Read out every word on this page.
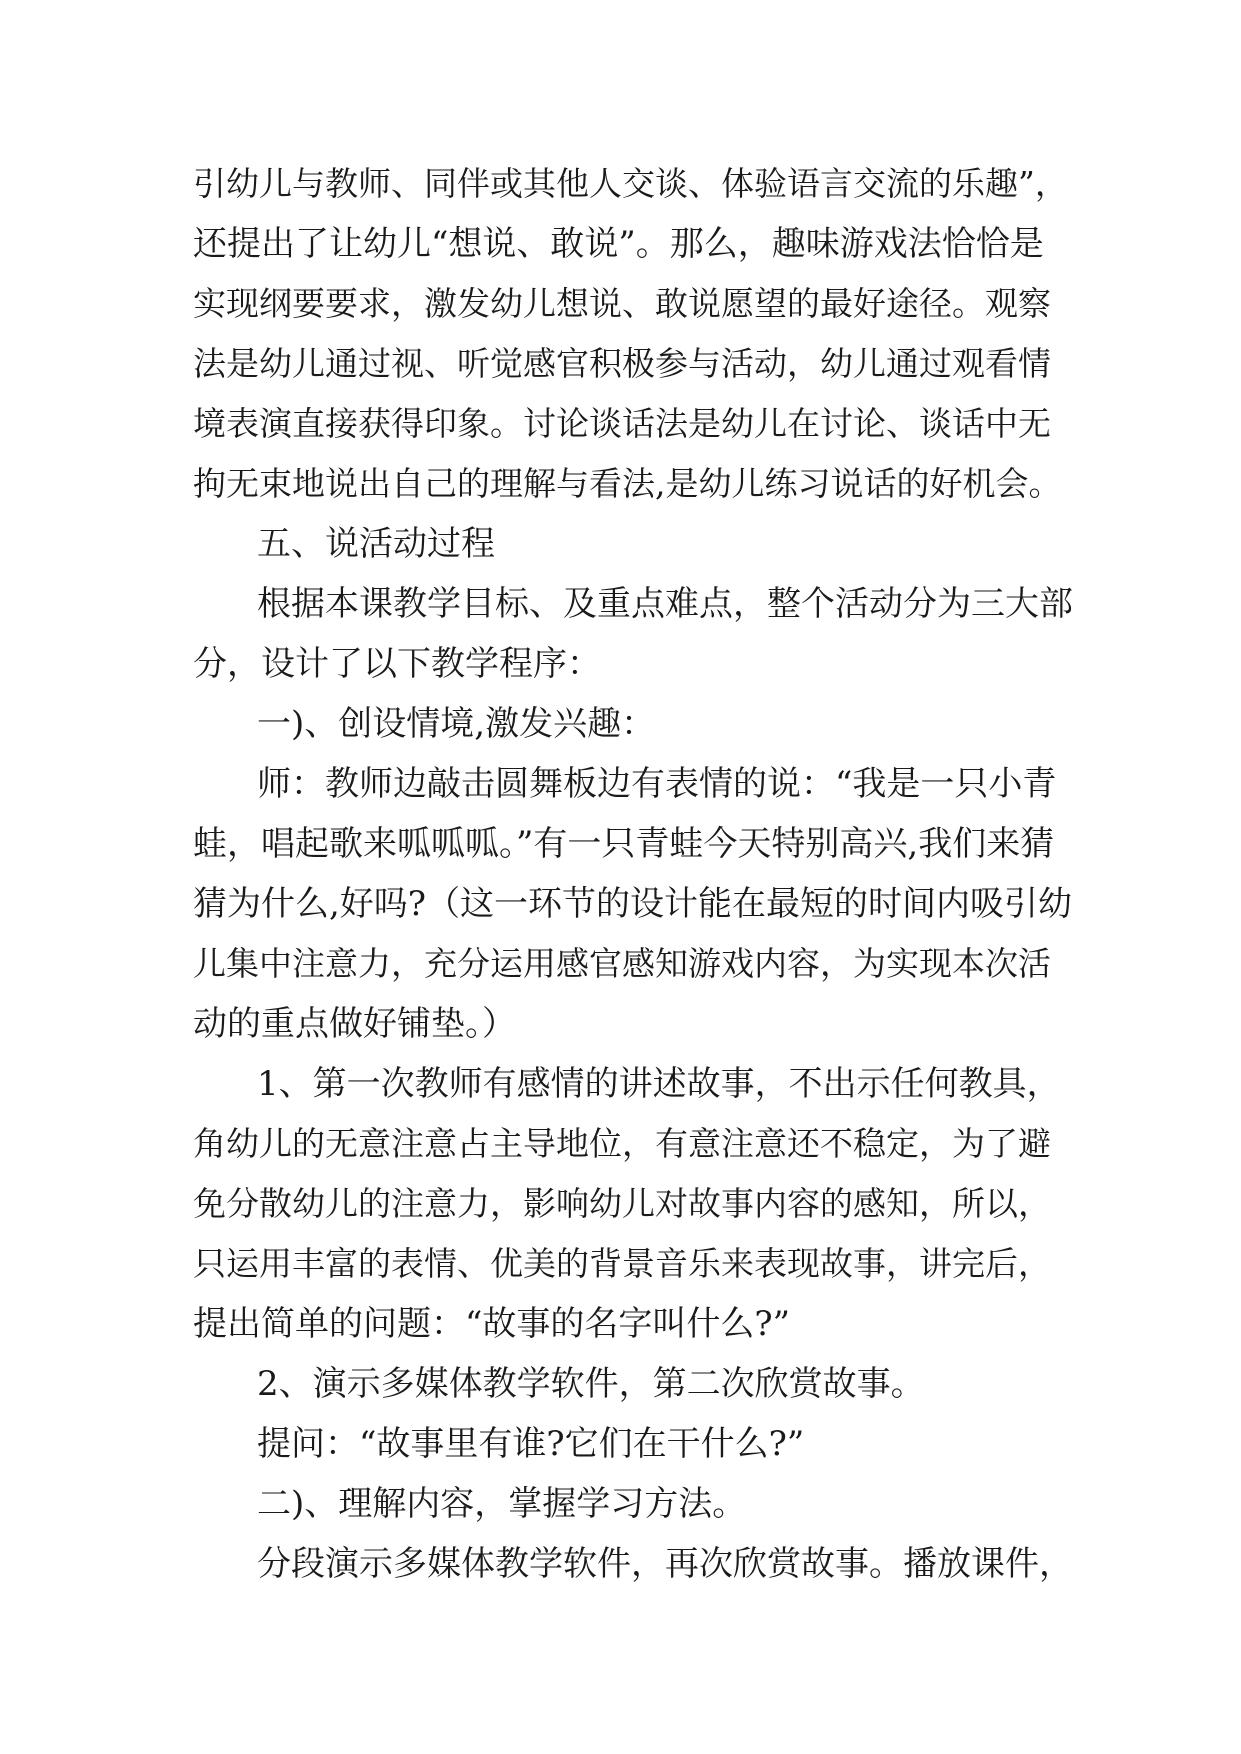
引幼儿与教师、同伴或其他人交谈、体验语言交流的乐趣”，
还提出了让幼儿“想说、敢说”。那么，趣味游戏法恰恰是
实现纲要要求，激发幼儿想说、敢说愿望的最好途径。观察
法是幼儿通过视、听觉感官积极参与活动，幼儿通过观看情
境表演直接获得印象。讨论谈话法是幼儿在讨论、谈话中无
拘无束地说出自己的理解与看法,是幼儿练习说话的好机会。
五、说活动过程
根据本课教学目标、及重点难点，整个活动分为三大部
分，设计了以下教学程序：
一)、创设情境,激发兴趣：
师：教师边敲击圆舞板边有表情的说：“我是一只小青
蛙，唱起歌来呱呱呱。”有一只青蛙今天特别高兴,我们来猜
猜为什么,好吗?（这一环节的设计能在最短的时间内吸引幼
儿集中注意力，充分运用感官感知游戏内容，为实现本次活
动的重点做好铺垫。）
1、第一次教师有感情的讲述故事，不出示任何教具，
角幼儿的无意注意占主导地位，有意注意还不稳定，为了避
免分散幼儿的注意力，影响幼儿对故事内容的感知，所以，
只运用丰富的表情、优美的背景音乐来表现故事，讲完后，
提出简单的问题：“故事的名字叫什么?”
2、演示多媒体教学软件，第二次欣赏故事。
提问：“故事里有谁?它们在干什么?”
二)、理解内容，掌握学习方法。
分段演示多媒体教学软件，再次欣赏故事。播放课件，
